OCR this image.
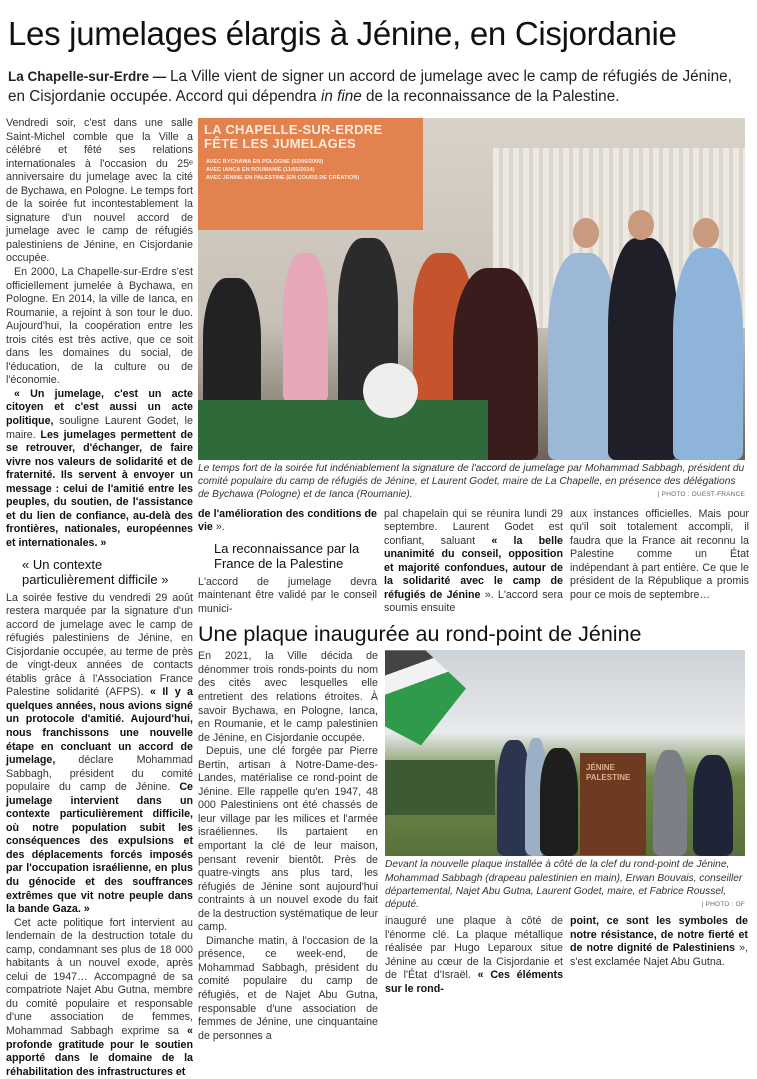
Les jumelages élargis à Jénine, en Cisjordanie
La Chapelle-sur-Erdre — La Ville vient de signer un accord de jumelage avec le camp de réfugiés de Jénine, en Cisjordanie occupée. Accord qui dépendra in fine de la reconnaissance de la Palestine.

Vendredi soir, c'est dans une salle Saint-Michel comble que la Ville a célébré et fêté ses relations internationales à l'occasion du 25ᵉ anniversaire du jumelage avec la cité de Bychawa, en Pologne. Le temps fort de la soirée fut incontestablement la signature d'un nouvel accord de jumelage avec le camp de réfugiés palestiniens de Jénine, en Cisjordanie occupée.

En 2000, La Chapelle-sur-Erdre s'est officiellement jumelée à Bychawa, en Pologne. En 2014, la ville de Ianca, en Roumanie, a rejoint à son tour le duo. Aujourd'hui, la coopération entre les trois cités est très active, que ce soit dans les domaines du social, de l'éducation, de la culture ou de l'économie.

« Un jumelage, c'est un acte citoyen et c'est aussi un acte politique, souligne Laurent Godet, le maire. Les jumelages permettent de se retrouver, d'échanger, de faire vivre nos valeurs de solidarité et de fraternité. Ils servent à envoyer un message : celui de l'amitié entre les peuples, du soutien, de l'assistance et du lien de confiance, au-delà des frontières, nationales, européennes et internationales. »

« Un contexte particulièrement difficile »

La soirée festive du vendredi 29 août restera marquée par la signature d'un accord de jumelage avec le camp de réfugiés palestiniens de Jénine, en Cisjordanie occupée, au terme de près de vingt-deux années de contacts établis grâce à l'Association France Palestine solidarité (AFPS). « Il y a quelques années, nous avions signé un protocole d'amitié. Aujourd'hui, nous franchissons une nouvelle étape en concluant un accord de jumelage, déclare Mohammad Sabbagh, président du comité populaire du camp de Jénine. Ce jumelage intervient dans un contexte particulièrement difficile, où notre population subit les conséquences des expulsions et des déplacements forcés imposés par l'occupation israélienne, en plus du génocide et des souffrances extrêmes que vit notre peuple dans la bande Gaza. »

Cet acte politique fort intervient au lendemain de la destruction totale du camp, condamnant ses plus de 18 000 habitants à un nouvel exode, après celui de 1947… Accompagné de sa compatriote Najet Abu Gutna, membre du comité populaire et responsable d'une association de femmes, Mohammad Sabbagh exprime sa « profonde gratitude pour le soutien apporté dans le domaine de la réhabilitation des infrastructures et

LA CHAPELLE-SUR-ERDRE FÊTE LES JUMELAGES
AVEC BYCHAWA EN POLOGNE (02/06/2000)
AVEC IANCA EN ROUMANIE (11/05/2014)
AVEC JÉNINE EN PALESTINE (EN COURS DE CRÉATION)
Le temps fort de la soirée fut indéniablement la signature de l'accord de jumelage par Mohammad Sabbagh, président du comité populaire du camp de réfugiés de Jénine, et Laurent Godet, maire de La Chapelle, en présence des délégations de Bychawa (Pologne) et de Ianca (Roumanie).	| PHOTO : OUEST-FRANCE

de l'amélioration des conditions de vie ».

La reconnaissance par la France de la Palestine

L'accord de jumelage devra maintenant être validé par le conseil munici-

pal chapelain qui se réunira lundi 29 septembre. Laurent Godet est confiant, saluant « la belle unanimité du conseil, opposition et majorité confondues, autour de la solidarité avec le camp de réfugiés de Jénine ». L'accord sera soumis ensuite

aux instances officielles. Mais pour qu'il soit totalement accompli, il faudra que la France ait reconnu la Palestine comme un État indépendant à part entière. Ce que le président de la République a promis pour ce mois de septembre…

Une plaque inaugurée au rond-point de Jénine

En 2021, la Ville décida de dénommer trois ronds-points du nom des cités avec lesquelles elle entretient des relations étroites. À savoir Bychawa, en Pologne, Ianca, en Roumanie, et le camp palestinien de Jénine, en Cisjordanie occupée.

Depuis, une clé forgée par Pierre Bertin, artisan à Notre-Dame-des-Landes, matérialise ce rond-point de Jénine. Elle rappelle qu'en 1947, 48 000 Palestiniens ont été chassés de leur village par les milices et l'armée israéliennes. Ils partaient en emportant la clé de leur maison, pensant revenir bientôt. Près de quatre-vingts ans plus tard, les réfugiés de Jénine sont aujourd'hui contraints à un nouvel exode du fait de la destruction systématique de leur camp.

Dimanche matin, à l'occasion de la présence, ce week-end, de Mohammad Sabbagh, président du comité populaire du camp de réfugiés, et de Najet Abu Gutna, responsable d'une association de femmes de Jénine, une cinquantaine de personnes a

JÉNINE PALESTINE
Devant la nouvelle plaque installée à côté de la clef du rond-point de Jénine, Mohammad Sabbagh (drapeau palestinien en main), Erwan Bouvais, conseiller départemental, Najet Abu Gutna, Laurent Godet, maire, et Fabrice Roussel, député.	| PHOTO : OF

inauguré une plaque à côté de l'énorme clé. La plaque métallique réalisée par Hugo Leparoux situe Jénine au cœur de la Cisjordanie et de l'État d'Israël. « Ces éléments sur le rond-

point, ce sont les symboles de notre résistance, de notre fierté et de notre dignité de Palestiniens », s'est exclamée Najet Abu Gutna.
